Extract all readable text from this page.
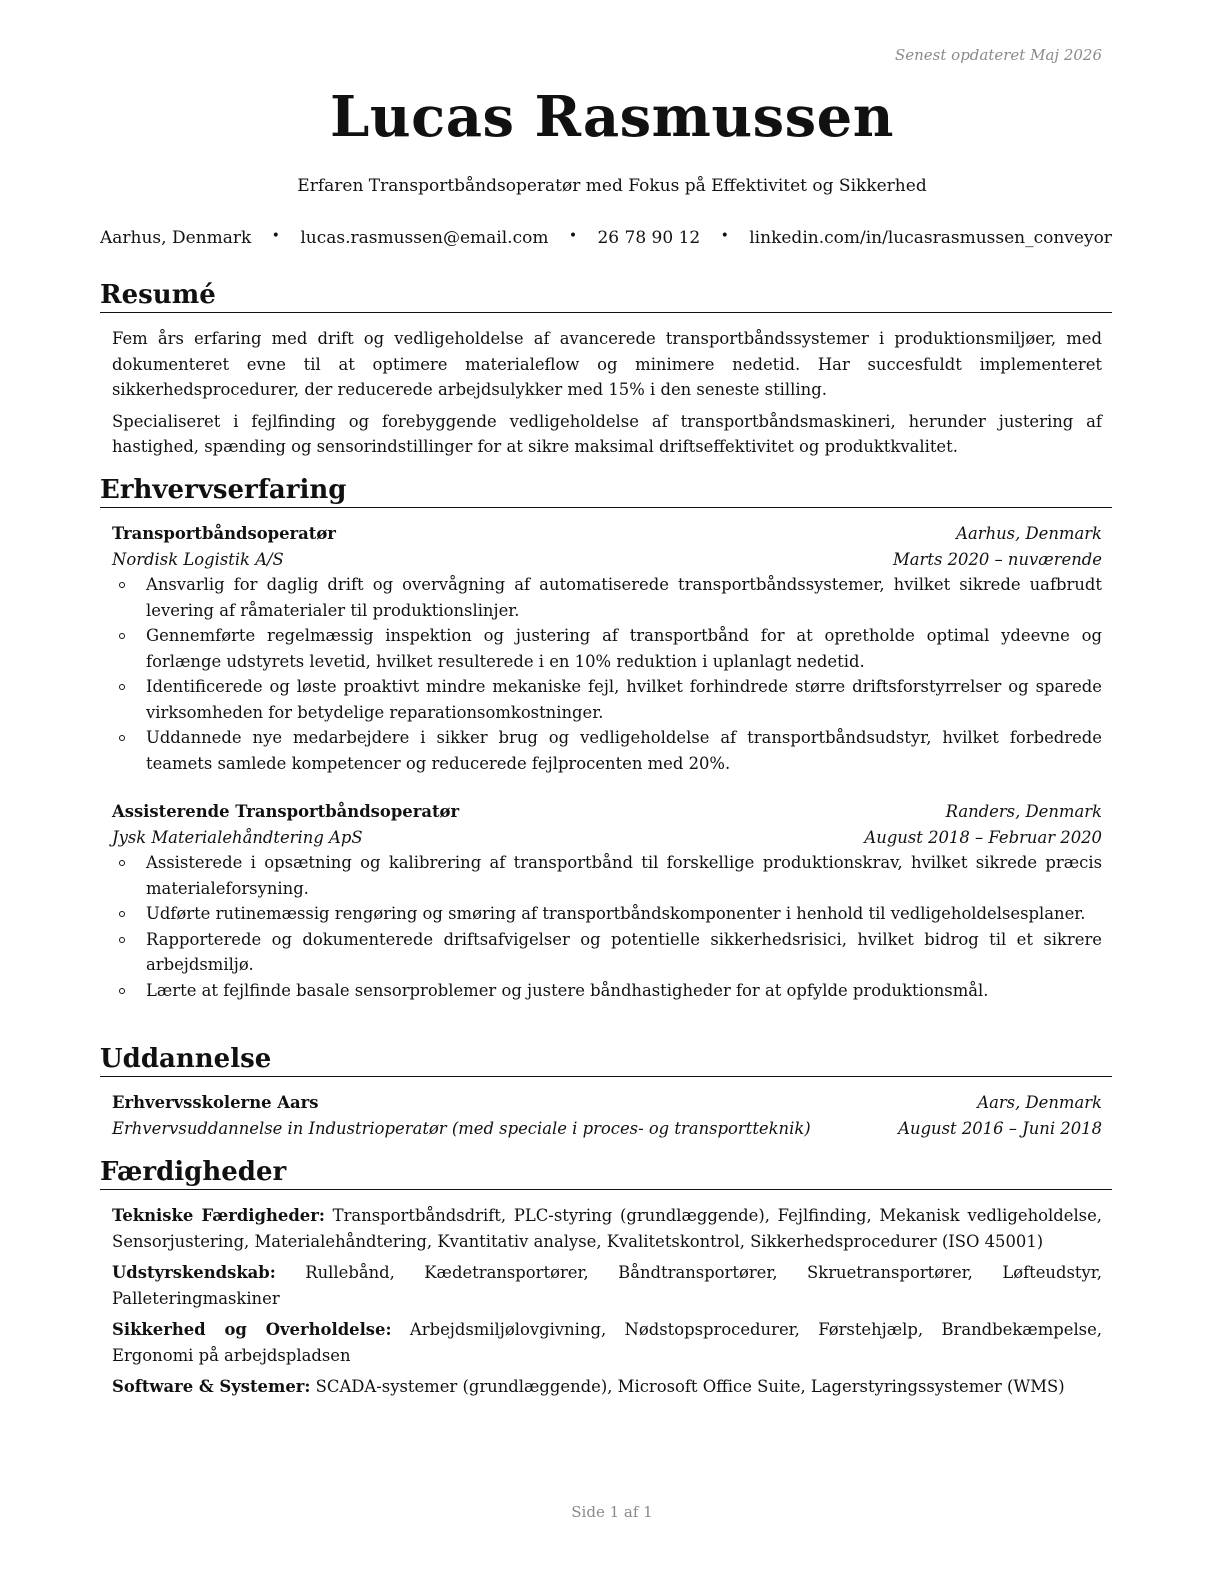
Senest opdateret Maj 2026
Lucas Rasmussen
Erfaren Transportbåndsoperatør med Fokus på Effektivitet og Sikkerhed
Aarhus, Denmark • lucas.rasmussen@email.com • 26 78 90 12 • linkedin.com/in/lucasrasmussen_conveyor
Resumé

Fem års erfaring med drift og vedligeholdelse af avancerede transportbåndssystemer i produktionsmiljøer, med dokumenteret evne til at optimere materialeflow og minimere nedetid. Har succesfuldt implementeret sikkerhedsprocedurer, der reducerede arbejdsulykker med 15% i den seneste stilling.

Specialiseret i fejlfinding og forebyggende vedligeholdelse af transportbåndsmaskineri, herunder justering af hastighed, spænding og sensorindstillinger for at sikre maksimal driftseffektivitet og produktkvalitet.

Erhvervserfaring
Transportbåndsoperatør	Aarhus, Denmark
Nordisk Logistik A/S	Marts 2020 – nuværende
Ansvarlig for daglig drift og overvågning af automatiserede transportbåndssystemer, hvilket sikrede uafbrudt levering af råmaterialer til produktionslinjer.
Gennemførte regelmæssig inspektion og justering af transportbånd for at opretholde optimal ydeevne og forlænge udstyrets levetid, hvilket resulterede i en 10% reduktion i uplanlagt nedetid.
Identificerede og løste proaktivt mindre mekaniske fejl, hvilket forhindrede større driftsforstyrrelser og sparede virksomheden for betydelige reparationsomkostninger.
Uddannede nye medarbejdere i sikker brug og vedligeholdelse af transportbåndsudstyr, hvilket forbedrede teamets samlede kompetencer og reducerede fejlprocenten med 20%.
Assisterende Transportbåndsoperatør	Randers, Denmark
Jysk Materialehåndtering ApS	August 2018 – Februar 2020
Assisterede i opsætning og kalibrering af transportbånd til forskellige produktionskrav, hvilket sikrede præcis materialeforsyning.
Udførte rutinemæssig rengøring og smøring af transportbåndskomponenter i henhold til vedligeholdelsesplaner.
Rapporterede og dokumenterede driftsafvigelser og potentielle sikkerhedsrisici, hvilket bidrog til et sikrere arbejdsmiljø.
Lærte at fejlfinde basale sensorproblemer og justere båndhastigheder for at opfylde produktionsmål.
Uddannelse
Erhvervsskolerne Aars	Aars, Denmark
Erhvervsuddannelse in Industrioperatør (med speciale i proces- og transportteknik)	August 2016 – Juni 2018
Færdigheder
Tekniske Færdigheder: Transportbåndsdrift, PLC-styring (grundlæggende), Fejlfinding, Mekanisk vedligeholdelse, Sensorjustering, Materialehåndtering, Kvantitativ analyse, Kvalitetskontrol, Sikkerhedsprocedurer (ISO 45001)
Udstyrskendskab: Rullebånd, Kædetransportører, Båndtransportører, Skruetransportører, Løfteudstyr, Palleteringmaskiner
Sikkerhed og Overholdelse: Arbejdsmiljølovgivning, Nødstopsprocedurer, Førstehjælp, Brandbekæmpelse, Ergonomi på arbejdspladsen
Software & Systemer: SCADA-systemer (grundlæggende), Microsoft Office Suite, Lagerstyringssystemer (WMS)
Side 1 af 1
